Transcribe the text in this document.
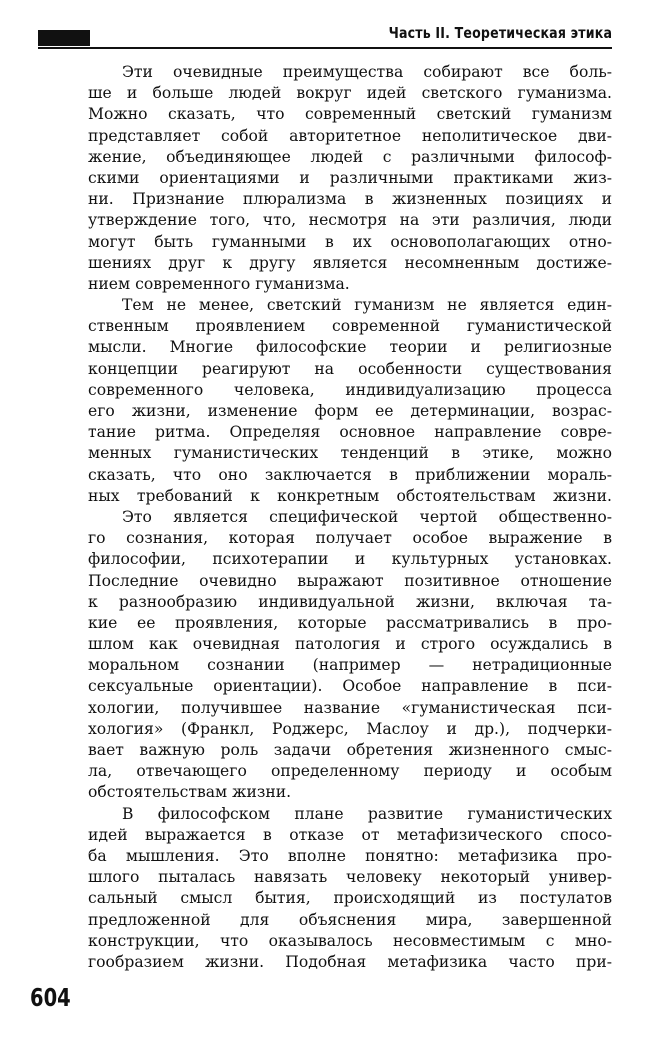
Часть II. Теоретическая этика
Эти очевидные преимущества собирают все боль-
ше и больше людей вокруг идей светского гуманизма.
Можно сказать, что современный светский гуманизм
представляет собой авторитетное неполитическое дви-
жение, объединяющее людей с различными философ-
скими ориентациями и различными практиками жиз-
ни. Признание плюрализма в жизненных позициях и
утверждение того, что, несмотря на эти различия, люди
могут быть гуманными в их основополагающих отно-
шениях друг к другу является несомненным достиже-
нием современного гуманизма.
Тем не менее, светский гуманизм не является един-
ственным проявлением современной гуманистической
мысли. Многие философские теории и религиозные
концепции реагируют на особенности существования
современного человека, индивидуализацию процесса
его жизни, изменение форм ее детерминации, возрас-
тание ритма. Определяя основное направление совре-
менных гуманистических тенденций в этике, можно
сказать, что оно заключается в приближении мораль-
ных требований к конкретным обстоятельствам жизни.
Это является специфической чертой общественно-
го сознания, которая получает особое выражение в
философии, психотерапии и культурных установках.
Последние очевидно выражают позитивное отношение
к разнообразию индивидуальной жизни, включая та-
кие ее проявления, которые рассматривались в про-
шлом как очевидная патология и строго осуждались в
моральном сознании (например — нетрадиционные
сексуальные ориентации). Особое направление в пси-
хологии, получившее название «гуманистическая пси-
хология» (Франкл, Роджерс, Маслоу и др.), подчерки-
вает важную роль задачи обретения жизненного смыс-
ла, отвечающего определенному периоду и особым
обстоятельствам жизни.
В философском плане развитие гуманистических
идей выражается в отказе от метафизического спосо-
ба мышления. Это вполне понятно: метафизика про-
шлого пыталась навязать человеку некоторый универ-
сальный смысл бытия, происходящий из постулатов
предложенной для объяснения мира, завершенной
конструкции, что оказывалось несовместимым с мно-
гообразием жизни. Подобная метафизика часто при-
604
